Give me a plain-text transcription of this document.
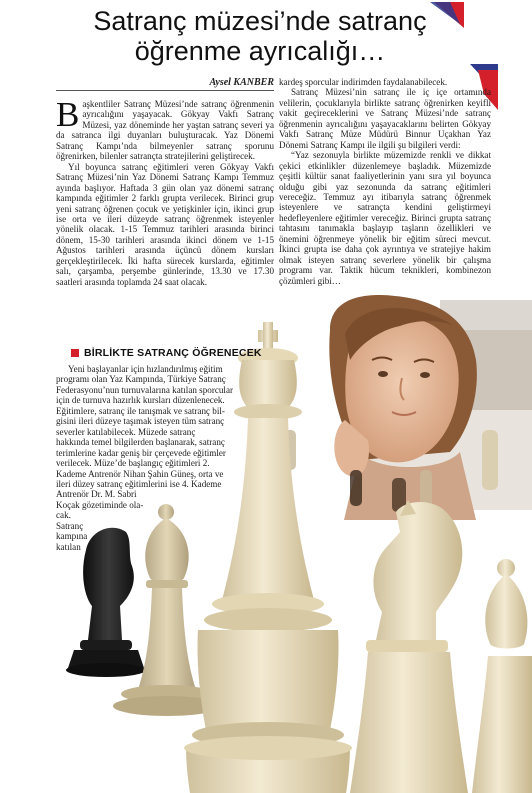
Satranç müzesi’nde satranç
öğrenme ayrıcalığı…
Aysel KANBER

Başkentliler Satranç Müzesi’nde satranç öğrenmenin ayrıcalığını yaşayacak. Gökyay Vakfı Satranç Müzesi, yaz döneminde her yaştan satranç severi ya da satranca ilgi duyanları buluşturacak. Yaz Dönemi Satranç Kampı’nda bilmeyenler satranç sporunu öğrenirken, bilenler satrançta stratejilerini geliştirecek.

Yıl boyunca satranç eğitimleri veren Gökyay Vakfı Satranç Müzesi’nin Yaz Dönemi Satranç Kampı Temmuz ayında başlıyor. Haftada 3 gün olan yaz dönemi satranç kampında eğitimler 2 farklı grupta verilecek. Birinci grup yeni satranç öğrenen çocuk ve yetişkinler için, ikinci grup ise orta ve ileri düzeyde satranç öğrenmek isteyenler yönelik olacak. 1-15 Temmuz tarihleri arasında birinci dönem, 15-30 tarihleri arasında ikinci dönem ve 1-15 Ağustos tarihleri arasında üçüncü dönem kursları gerçekleştirilecek. İki hafta sürecek kurslarda, eğitimler salı, çarşamba, perşembe günlerinde, 13.30 ve 17.30 saatleri arasında toplamda 24 saat olacak.

BİRLİKTE SATRANÇ ÖĞRENECEK
Yeni başlayanlar için hızlandırılmış eğitim
programı olan Yaz Kampında, Türkiye Satranç
Federasyonu’nun turnuvalarına katılan sporcular
için de turnuva hazırlık kursları düzenlenecek.
Eğitimlere, satranç ile tanışmak ve satranç bil-
gisini ileri düzeye taşımak isteyen tüm satranç
severler katılabilecek. Müzede satranç
hakkında temel bilgilerden başlanarak, satranç
terimlerine kadar geniş bir çerçevede eğitimler
verilecek. Müze’de başlangıç eğitimleri 2.
Kademe Antrenör Nihan Şahin Güneş, orta ve
ileri düzey satranç eğitimlerini ise 4. Kademe
Antrenör Dr. M. Sabri
Koçak gözetiminde ola-
cak.
Satranç
kampına
katılan

kardeş sporcular indirimden faydalanabilecek.

Satranç Müzesi’nin satranç ile iç içe ortamında velilerin, çocuklarıyla birlikte satranç öğrenirken keyifli vakit geçireceklerini ve Satranç Müzesi’nde satranç öğrenmenin ayrıcalığını yaşayacaklarını belirten Gökyay Vakfı Satranç Müze Müdürü Binnur Uçakhan Yaz Dönemi Satranç Kampı ile ilgili şu bilgileri verdi:

“Yaz sezonuyla birlikte müzemizde renkli ve dikkat çekici etkinlikler düzenlemeye başladık. Müzemizde çeşitli kültür sanat faaliyetlerinin yanı sıra yıl boyunca olduğu gibi yaz sezonunda da satranç eğitimleri vereceğiz. Temmuz ayı itibarıyla satranç öğrenmek isteyenlere ve satrançta kendini geliştirmeyi hedefleyenlere eğitimler vereceğiz. Birinci grupta satranç tahtasını tanımakla başlayıp taşların özellikleri ve önemini öğrenmeye yönelik bir eğitim süreci mevcut. İkinci grupta ise daha çok ayrıntıya ve stratejiye hakim olmak isteyen satranç severlere yönelik bir çalışma programı var. Taktik hücum teknikleri, kombinezon çözümleri gibi…
